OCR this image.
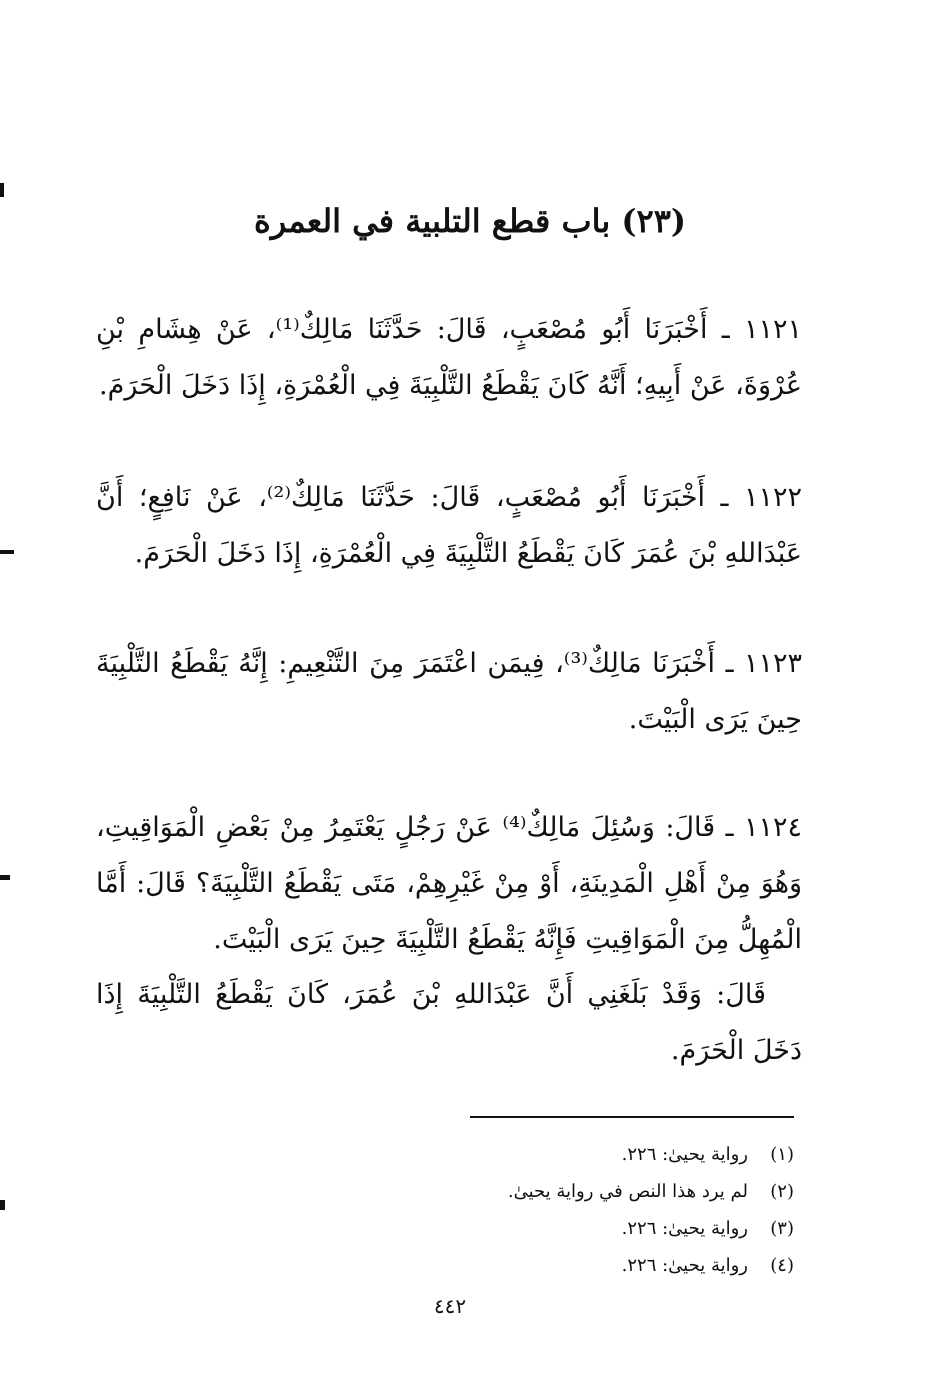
(٢٣) باب قطع التلبية في العمرة

١١٢١ ـ أَخْبَرَنَا أَبُو مُصْعَبٍ، قَالَ: حَدَّثَنَا مَالِكٌ⁽¹⁾، عَنْ هِشَامِ بْنِ عُرْوَةَ، عَنْ أَبِيهِ؛ أَنَّهُ كَانَ يَقْطَعُ التَّلْبِيَةَ فِي الْعُمْرَةِ، إِذَا دَخَلَ الْحَرَمَ.

١١٢٢ ـ أَخْبَرَنَا أَبُو مُصْعَبٍ، قَالَ: حَدَّثَنَا مَالِكٌ⁽²⁾، عَنْ نَافِعٍ؛ أَنَّ عَبْدَاللهِ بْنَ عُمَرَ كَانَ يَقْطَعُ التَّلْبِيَةَ فِي الْعُمْرَةِ، إِذَا دَخَلَ الْحَرَمَ.

١١٢٣ ـ أَخْبَرَنَا مَالِكٌ⁽³⁾، فِيمَن اعْتَمَرَ مِنَ التَّنْعِيمِ: إِنَّهُ يَقْطَعُ التَّلْبِيَةَ حِينَ يَرَى الْبَيْتَ.

١١٢٤ ـ قَالَ: وَسُئِلَ مَالِكٌ⁽⁴⁾ عَنْ رَجُلٍ يَعْتَمِرُ مِنْ بَعْضِ الْمَوَاقِيتِ، وَهُوَ مِنْ أَهْلِ الْمَدِينَةِ، أَوْ مِنْ غَيْرِهِمْ، مَتَى يَقْطَعُ التَّلْبِيَةَ؟ قَالَ: أَمَّا الْمُهِلُّ مِنَ الْمَوَاقِيتِ فَإِنَّهُ يَقْطَعُ التَّلْبِيَةَ حِينَ يَرَى الْبَيْتَ.

قَالَ: وَقَدْ بَلَغَنِي أَنَّ عَبْدَاللهِ بْنَ عُمَرَ، كَانَ يَقْطَعُ التَّلْبِيَةَ إِذَا دَخَلَ الْحَرَمَ.

(١)رواية يحيىٰ: ٢٢٦.
(٢)لم يرد هذا النص في رواية يحيىٰ.
(٣)رواية يحيىٰ: ٢٢٦.
(٤)رواية يحيىٰ: ٢٢٦.
٤٤٢
